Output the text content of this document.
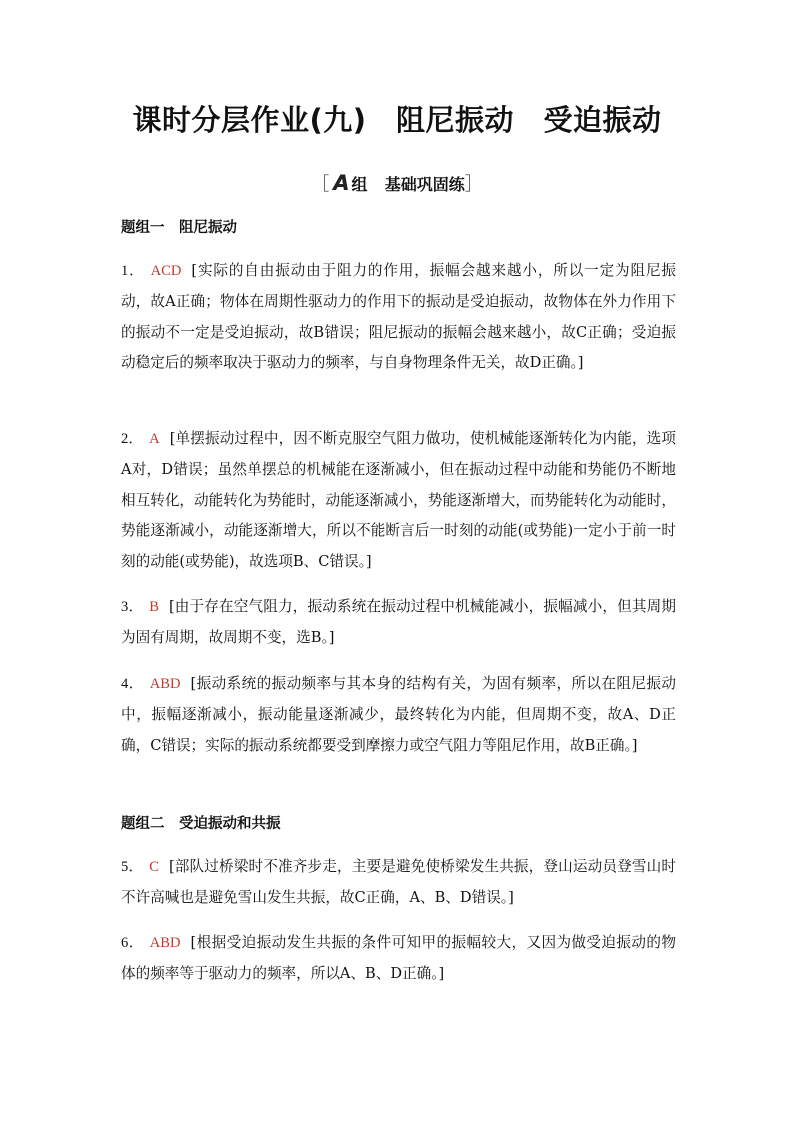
课时分层作业(九)　阻尼振动　受迫振动
［ A 组 基础巩固练］
题组一　阻尼振动
1． ACD [实际的自由振动由于阻力的作用，振幅会越来越小，所以一定为阻尼振动，故A正确；物体在周期性驱动力的作用下的振动是受迫振动，故物体在外力作用下的振动不一定是受迫振动，故B错误；阻尼振动的振幅会越来越小，故C正确；受迫振动稳定后的频率取决于驱动力的频率，与自身物理条件无关，故D正确。]
2． A [单摆振动过程中，因不断克服空气阻力做功，使机械能逐渐转化为内能，选项A对，D错误；虽然单摆总的机械能在逐渐减小，但在振动过程中动能和势能仍不断地相互转化，动能转化为势能时，动能逐渐减小，势能逐渐增大，而势能转化为动能时，势能逐渐减小，动能逐渐增大，所以不能断言后一时刻的动能(或势能)一定小于前一时刻的动能(或势能)，故选项B、C错误。]
3． B [由于存在空气阻力，振动系统在振动过程中机械能减小，振幅减小，但其周期为固有周期，故周期不变，选B。]
4． ABD [振动系统的振动频率与其本身的结构有关，为固有频率，所以在阻尼振动中，振幅逐渐减小，振动能量逐渐减少，最终转化为内能，但周期不变，故A、D正确，C错误；实际的振动系统都要受到摩擦力或空气阻力等阻尼作用，故B正确。]
题组二　受迫振动和共振
5． C [部队过桥梁时不准齐步走，主要是避免使桥梁发生共振，登山运动员登雪山时不许高喊也是避免雪山发生共振，故C正确，A、B、D错误。]
6． ABD [根据受迫振动发生共振的条件可知甲的振幅较大，又因为做受迫振动的物体的频率等于驱动力的频率，所以A、B、D正确。]
